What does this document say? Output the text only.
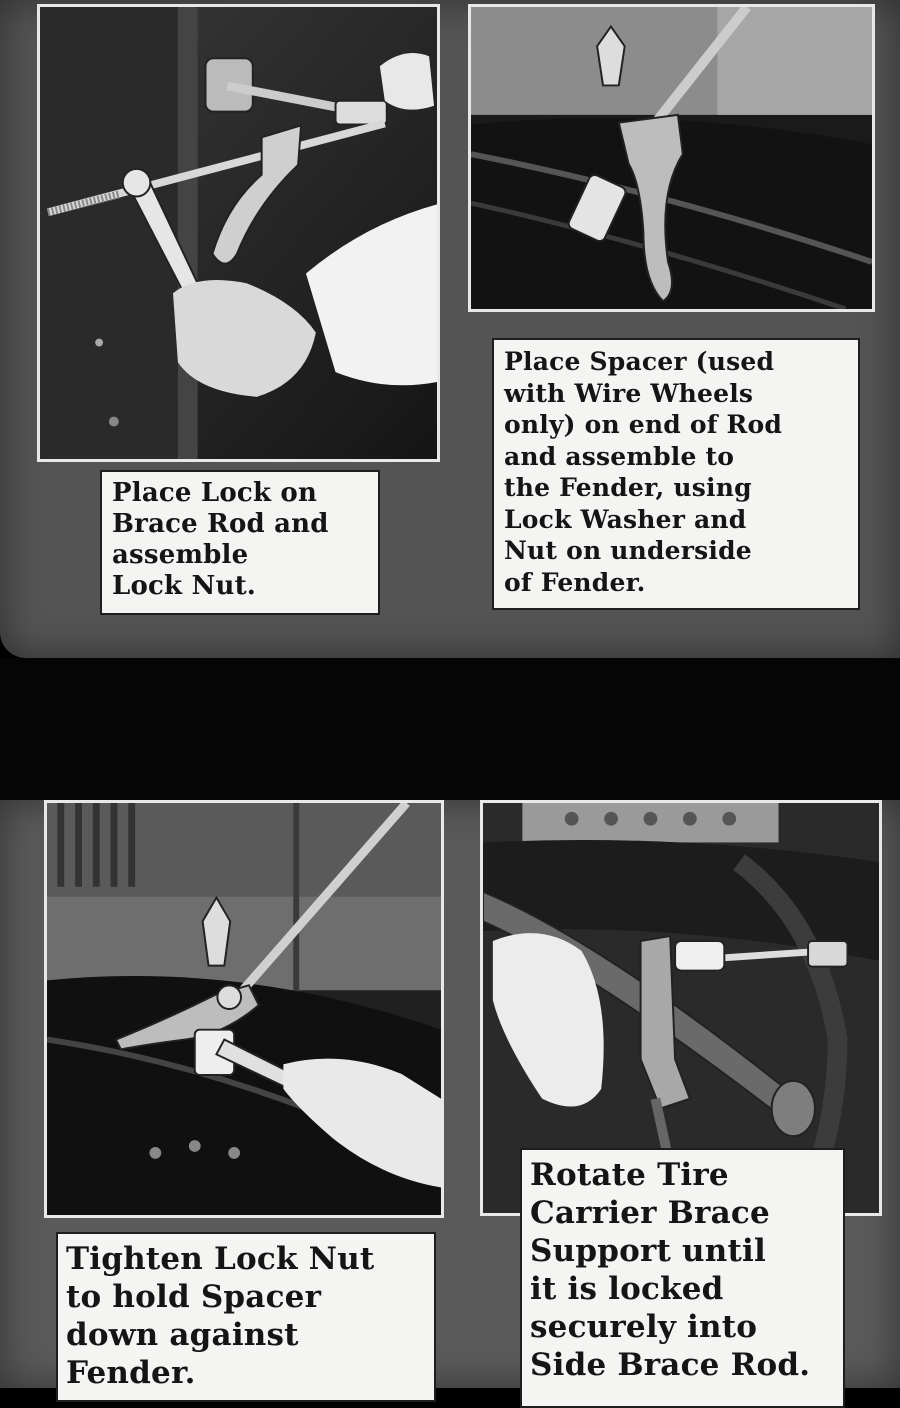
Place Lock on
Brace Rod and
assemble
Lock Nut.
Place Spacer (used
with Wire Wheels
only) on end of Rod
and assemble to
the Fender, using
Lock Washer and
Nut on underside
of Fender.
Tighten Lock Nut
to hold Spacer
down against
Fender.
Rotate Tire
Carrier Brace
Support until
it is locked
securely into
Side Brace Rod.
